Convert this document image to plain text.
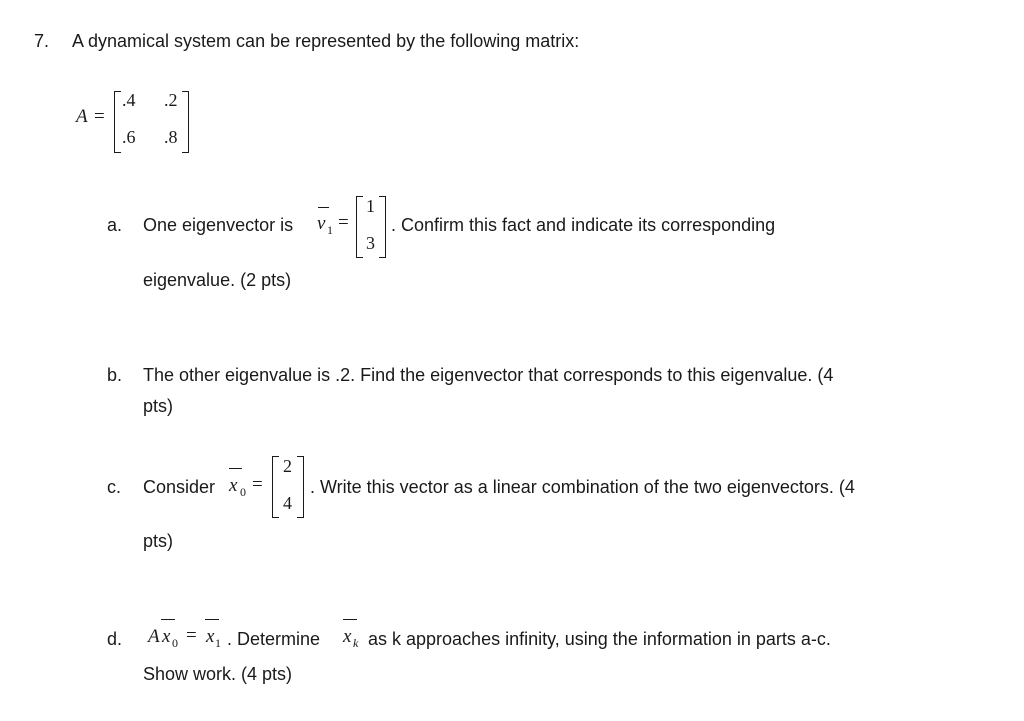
7. A dynamical system can be represented by the following matrix:
A =
.4 .2
.6 .8
a. One eigenvector is v 1 =
1
3
. Confirm this fact and indicate its corresponding
eigenvalue. (2 pts)
b. The other eigenvalue is .2. Find the eigenvector that corresponds to this eigenvalue. (4
pts)
c. Consider x 0 =
2
4
. Write this vector as a linear combination of the two eigenvectors. (4
pts)
d. A x 0 = x 1 . Determine x k as k approaches infinity, using the information in parts a-c.
Show work. (4 pts)
